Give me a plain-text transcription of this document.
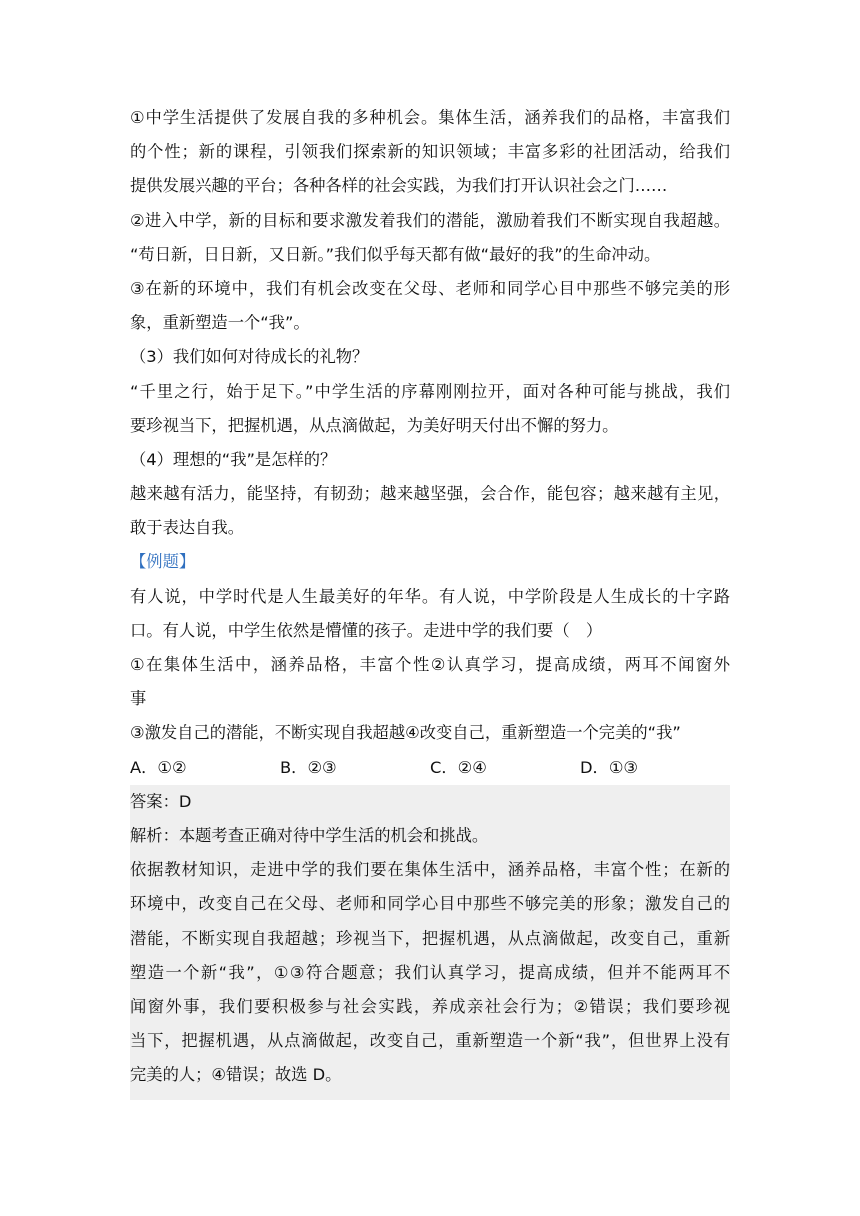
①中学生活提供了发展自我的多种机会。集体生活，涵养我们的品格，丰富我们
的个性；新的课程，引领我们探索新的知识领域；丰富多彩的社团活动，给我们
提供发展兴趣的平台；各种各样的社会实践，为我们打开认识社会之门……
②进入中学，新的目标和要求激发着我们的潜能，激励着我们不断实现自我超越。
“苟日新，日日新，又日新。”我们似乎每天都有做“最好的我”的生命冲动。
③在新的环境中，我们有机会改变在父母、老师和同学心目中那些不够完美的形
象，重新塑造一个“我”。
（3）我们如何对待成长的礼物？
“千里之行，始于足下。”中学生活的序幕刚刚拉开，面对各种可能与挑战，我们
要珍视当下，把握机遇，从点滴做起，为美好明天付出不懈的努力。
（4）理想的“我”是怎样的？
越来越有活力，能坚持，有韧劲；越来越坚强，会合作，能包容；越来越有主见，
敢于表达自我。
【例题】
有人说，中学时代是人生最美好的年华。有人说，中学阶段是人生成长的十字路
口。有人说，中学生依然是懵懂的孩子。走进中学的我们要（　）
①在集体生活中，涵养品格，丰富个性②认真学习，提高成绩，两耳不闻窗外
事
③激发自己的潜能，不断实现自我超越④改变自己，重新塑造一个完美的“我”
A．①②	B．②③	C．②④	D．①③
答案：D
解析：本题考查正确对待中学生活的机会和挑战。
依据教材知识，走进中学的我们要在集体生活中，涵养品格，丰富个性；在新的
环境中，改变自己在父母、老师和同学心目中那些不够完美的形象；激发自己的
潜能，不断实现自我超越；珍视当下，把握机遇，从点滴做起，改变自己，重新
塑造一个新“我”，①③符合题意；我们认真学习，提高成绩，但并不能两耳不
闻窗外事，我们要积极参与社会实践，养成亲社会行为；②错误；我们要珍视
当下，把握机遇，从点滴做起，改变自己，重新塑造一个新“我”，但世界上没有
完美的人；④错误；故选 D。
